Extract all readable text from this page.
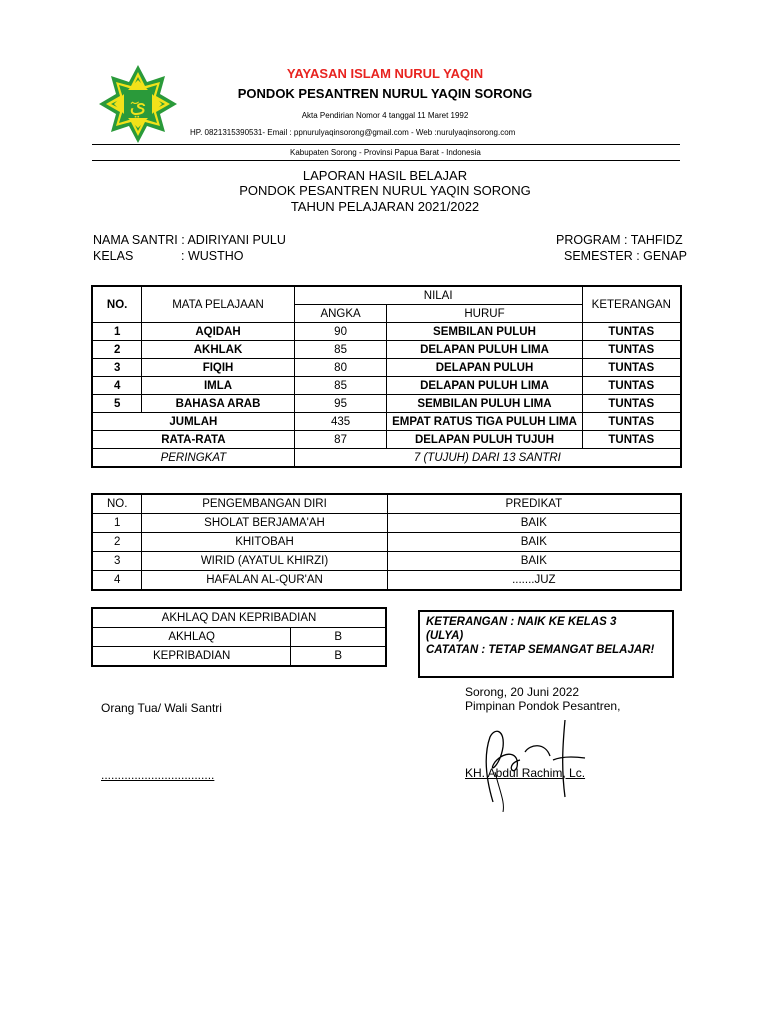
يٓ
YAYASAN ISLAM NURUL YAQIN
PONDOK PESANTREN NURUL YAQIN SORONG
Akta Pendirian Nomor 4 tanggal 11 Maret 1992
HP. 0821315390531- Email : ppnurulyaqinsorong@gmail.com - Web :nurulyaqinsorong.com
Kabupaten Sorong - Provinsi Papua Barat - Indonesia
LAPORAN HASIL BELAJAR
PONDOK PESANTREN NURUL YAQIN SORONG
TAHUN PELAJARAN 2021/2022
NAMA SANTRI : ADIRIYANI PULU
KELAS	: WUSTHO
PROGRAM : TAHFIDZ
SEMESTER : GENAP
NO.	MATA PELAJAAN	NILAI		KETERANGAN
		ANGKA	HURUF	
1	AQIDAH	90	SEMBILAN PULUH	TUNTAS
2	AKHLAK	85	DELAPAN PULUH LIMA	TUNTAS
3	FIQIH	80	DELAPAN PULUH	TUNTAS
4	IMLA	85	DELAPAN PULUH LIMA	TUNTAS
5	BAHASA ARAB	95	SEMBILAN PULUH LIMA	TUNTAS
JUMLAH		435	EMPAT RATUS TIGA PULUH LIMA	TUNTAS
RATA-RATA		87	DELAPAN PULUH TUJUH	TUNTAS
PERINGKAT		7 (TUJUH) DARI 13 SANTRI		
NO.	PENGEMBANGAN DIRI	PREDIKAT
1	SHOLAT BERJAMA'AH	BAIK
2	KHITOBAH	BAIK
3	WIRID (AYATUL KHIRZI)	BAIK
4	HAFALAN AL-QUR'AN	.......JUZ
AKHLAQ DAN KEPRIBADIAN	
AKHLAQ	B
KEPRIBADIAN	B
KETERANGAN : NAIK KE KELAS 3
(ULYA)
CATATAN : TETAP SEMANGAT BELAJAR!
Sorong, 20 Juni 2022
Pimpinan Pondok Pesantren,
Orang Tua/ Wali Santri
..................................	KH. Abdul Rachim, Lc.
